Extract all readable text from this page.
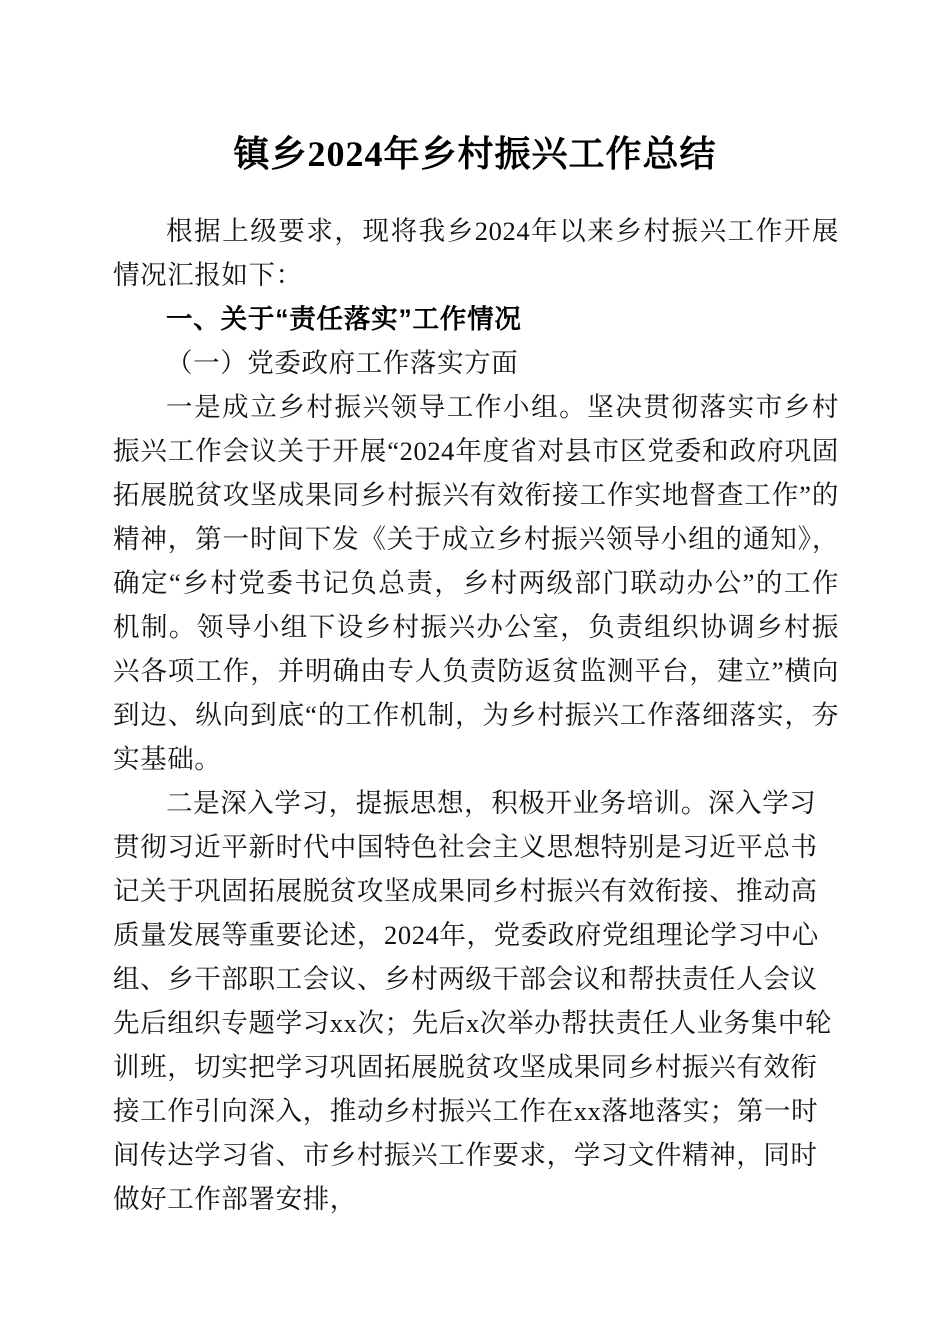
镇乡2024年乡村振兴工作总结

根据上级要求，现将我乡2024年以来乡村振兴工作开展情况汇报如下：

一、关于“责任落实”工作情况

（一）党委政府工作落实方面

一是成立乡村振兴领导工作小组。坚决贯彻落实市乡村振兴工作会议关于开展“2024年度省对县市区党委和政府巩固拓展脱贫攻坚成果同乡村振兴有效衔接工作实地督查工作”的精神，第一时间下发《关于成立乡村振兴领导小组的通知》，确定“乡村党委书记负总责，乡村两级部门联动办公”的工作机制。领导小组下设乡村振兴办公室，负责组织协调乡村振兴各项工作，并明确由专人负责防返贫监测平台，建立”横向到边、纵向到底“的工作机制，为乡村振兴工作落细落实，夯实基础。

二是深入学习，提振思想，积极开业务培训。深入学习贯彻习近平新时代中国特色社会主义思想特别是习近平总书记关于巩固拓展脱贫攻坚成果同乡村振兴有效衔接、推动高质量发展等重要论述，2024年，党委政府党组理论学习中心组、乡干部职工会议、乡村两级干部会议和帮扶责任人会议先后组织专题学习xx次；先后x次举办帮扶责任人业务集中轮训班，切实把学习巩固拓展脱贫攻坚成果同乡村振兴有效衔接工作引向深入，推动乡村振兴工作在xx落地落实；第一时间传达学习省、市乡村振兴工作要求，学习文件精神，同时做好工作部署安排，
